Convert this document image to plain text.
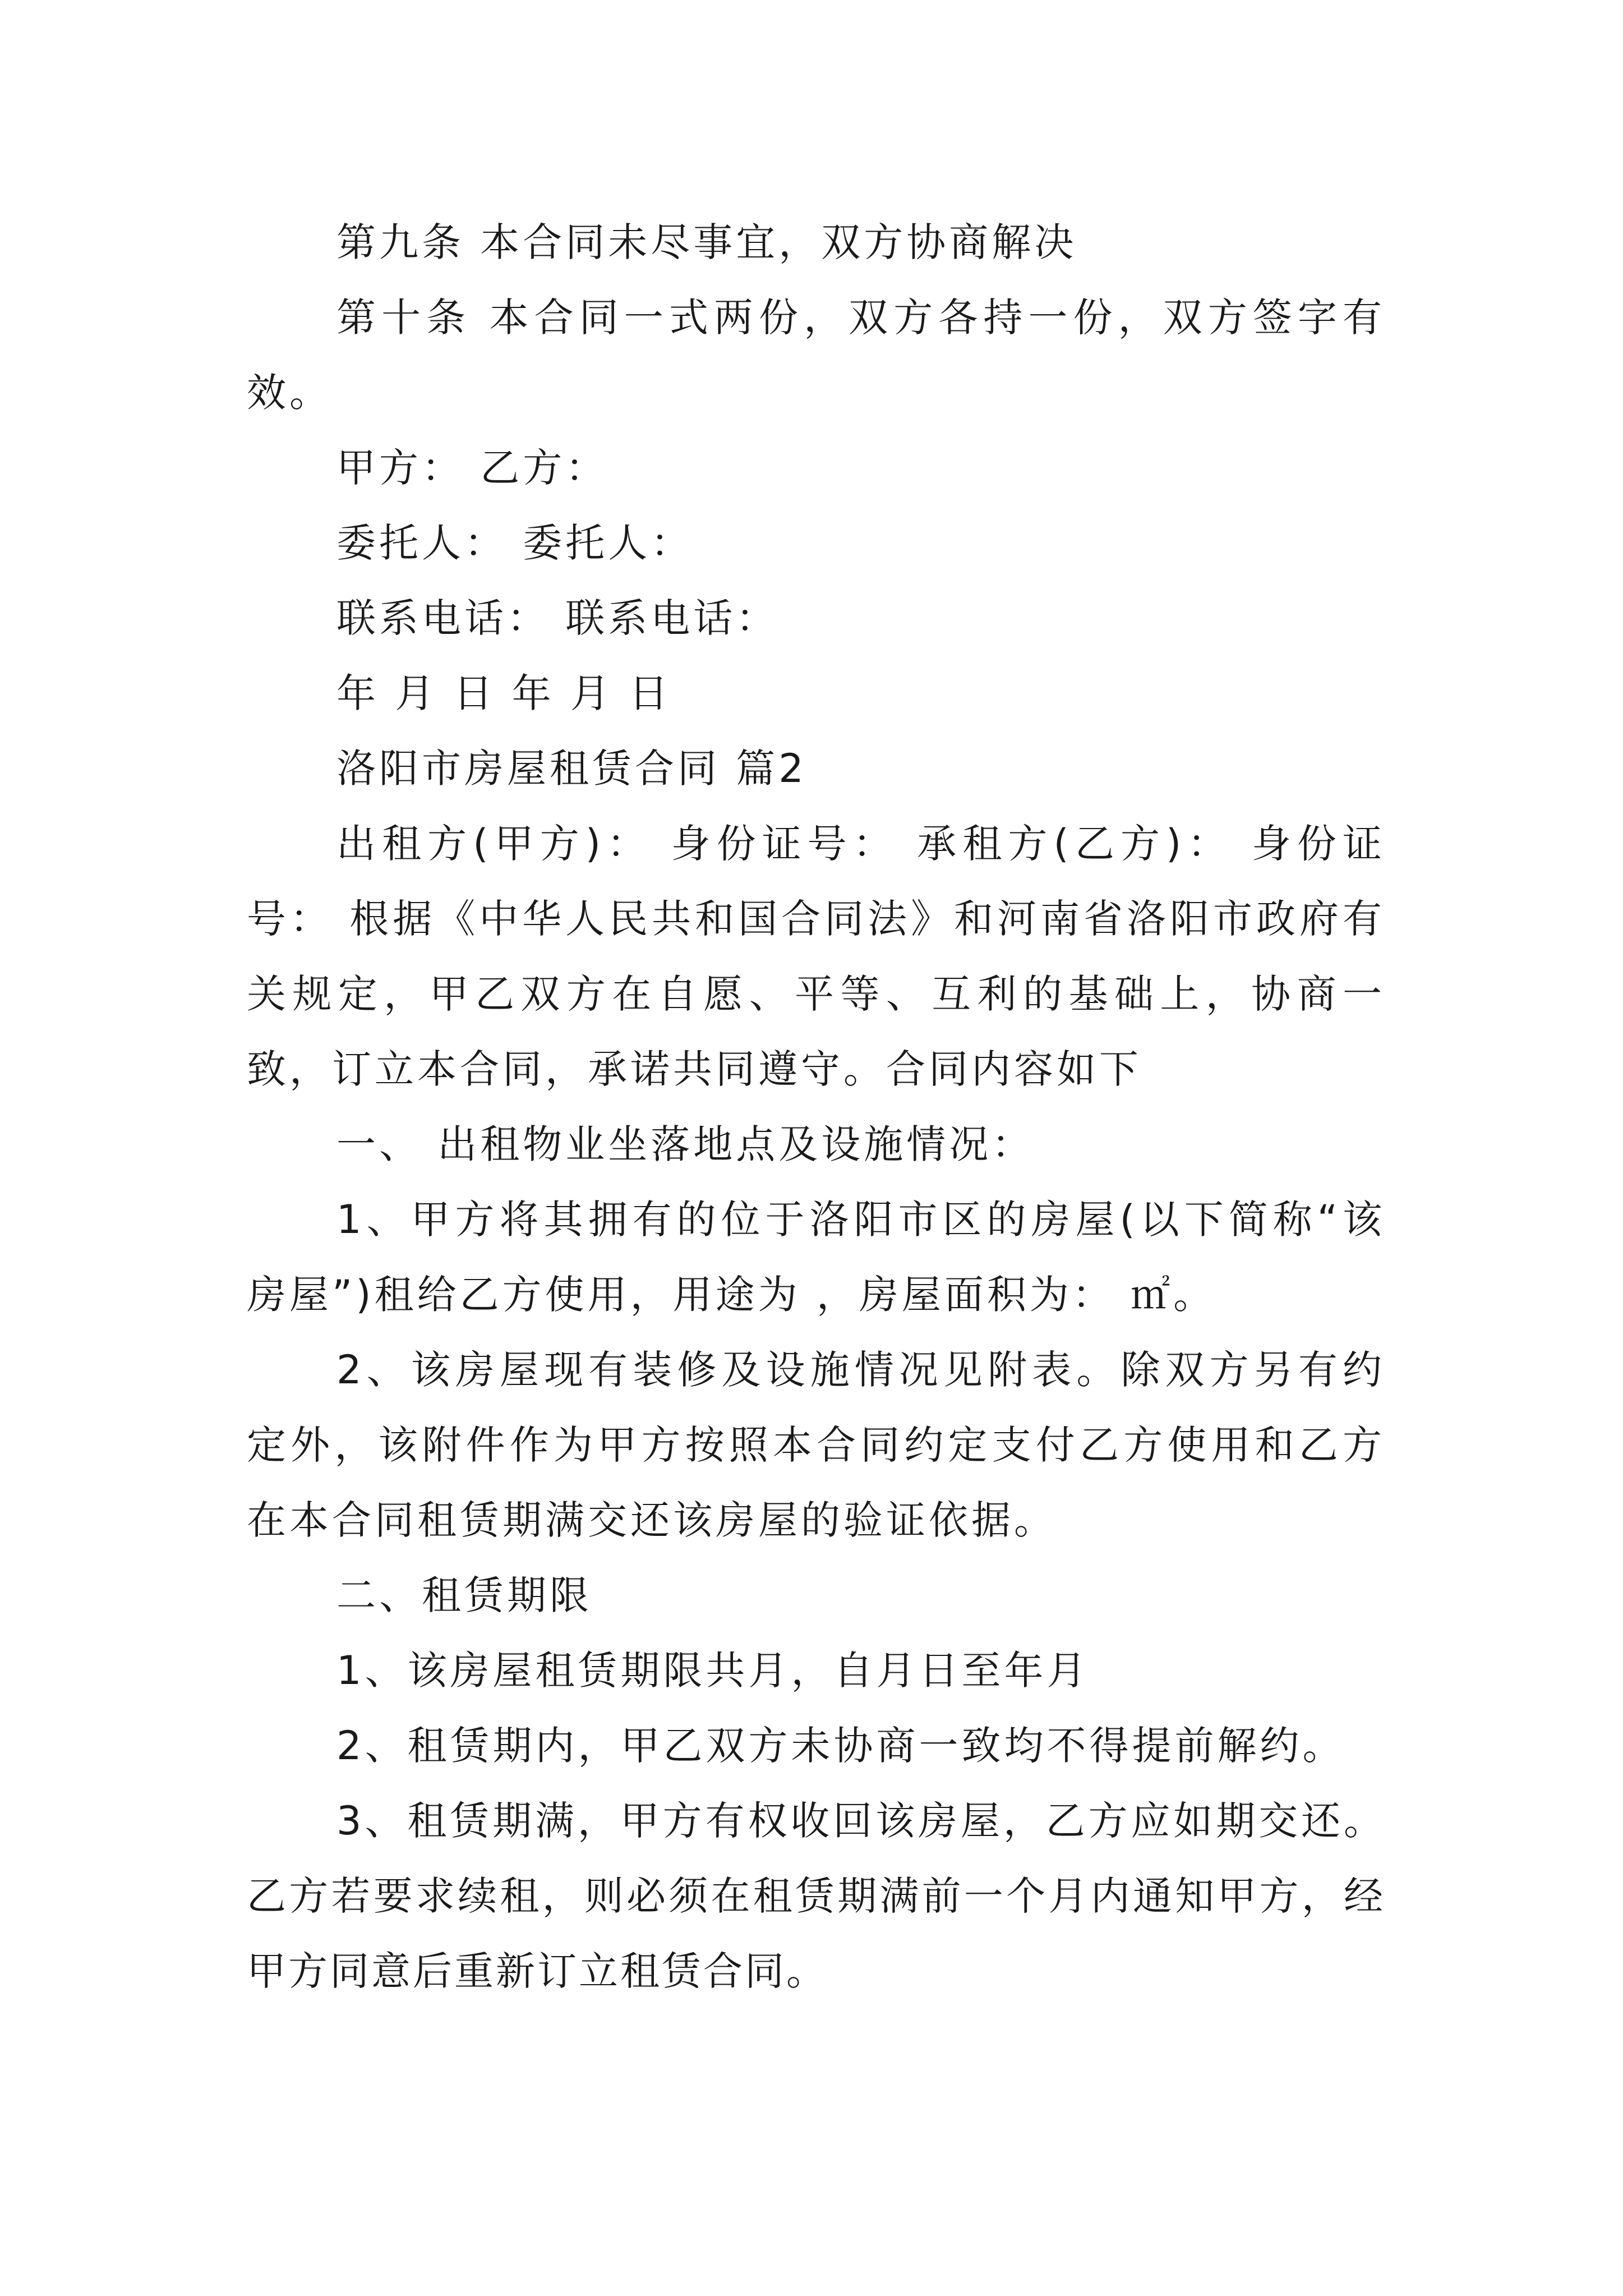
第九条 本合同未尽事宜，双方协商解决

第十条 本合同一式两份，双方各持一份，双方签字有效。

甲方： 乙方：

委托人： 委托人：

联系电话： 联系电话：

年 月 日 年 月 日

洛阳市房屋租赁合同 篇2

出租方(甲方)： 身份证号： 承租方(乙方)： 身份证号： 根据《中华人民共和国合同法》和河南省洛阳市政府有关规定，甲乙双方在自愿、平等、互利的基础上，协商一致，订立本合同，承诺共同遵守。合同内容如下

一、 出租物业坐落地点及设施情况：

1、甲方将其拥有的位于洛阳市区的房屋(以下简称“该房屋”)租给乙方使用，用途为 ，房屋面积为： ㎡。

2、该房屋现有装修及设施情况见附表。除双方另有约定外，该附件作为甲方按照本合同约定支付乙方使用和乙方在本合同租赁期满交还该房屋的验证依据。

二、租赁期限

1、该房屋租赁期限共月，自月日至年月

2、租赁期内，甲乙双方未协商一致均不得提前解约。

3、租赁期满，甲方有权收回该房屋，乙方应如期交还。乙方若要求续租，则必须在租赁期满前一个月内通知甲方，经甲方同意后重新订立租赁合同。
